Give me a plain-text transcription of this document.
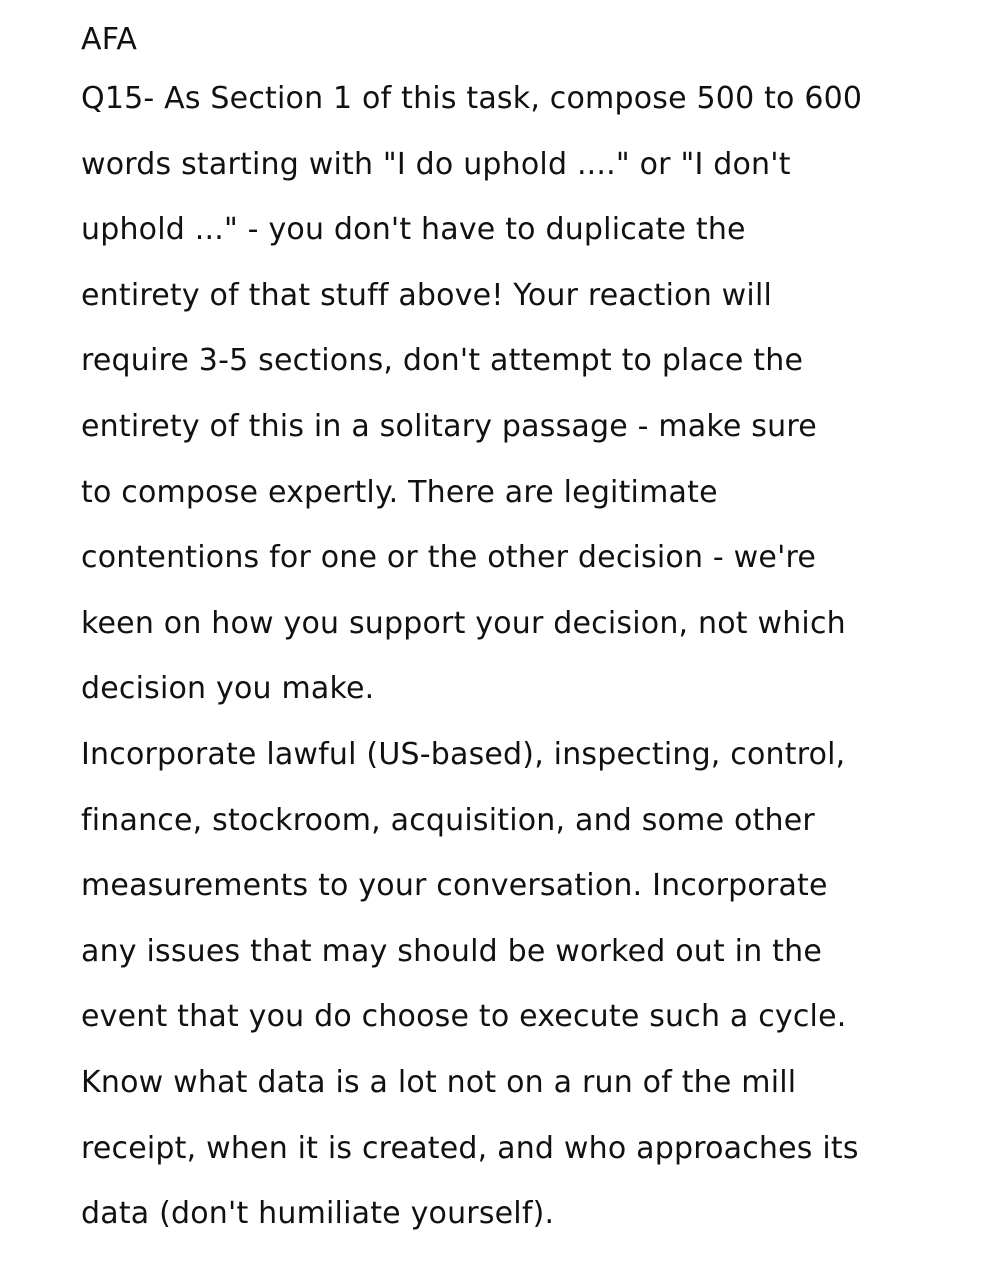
AFA
Q15- As Section 1 of this task, compose 500 to 600
words starting with "I do uphold ...." or "I don't
uphold ..." - you don't have to duplicate the
entirety of that stuff above! Your reaction will
require 3-5 sections, don't attempt to place the
entirety of this in a solitary passage - make sure
to compose expertly. There are legitimate
contentions for one or the other decision - we're
keen on how you support your decision, not which
decision you make.
Incorporate lawful (US-based), inspecting, control,
finance, stockroom, acquisition, and some other
measurements to your conversation. Incorporate
any issues that may should be worked out in the
event that you do choose to execute such a cycle.
Know what data is a lot not on a run of the mill
receipt, when it is created, and who approaches its
data (don't humiliate yourself).
